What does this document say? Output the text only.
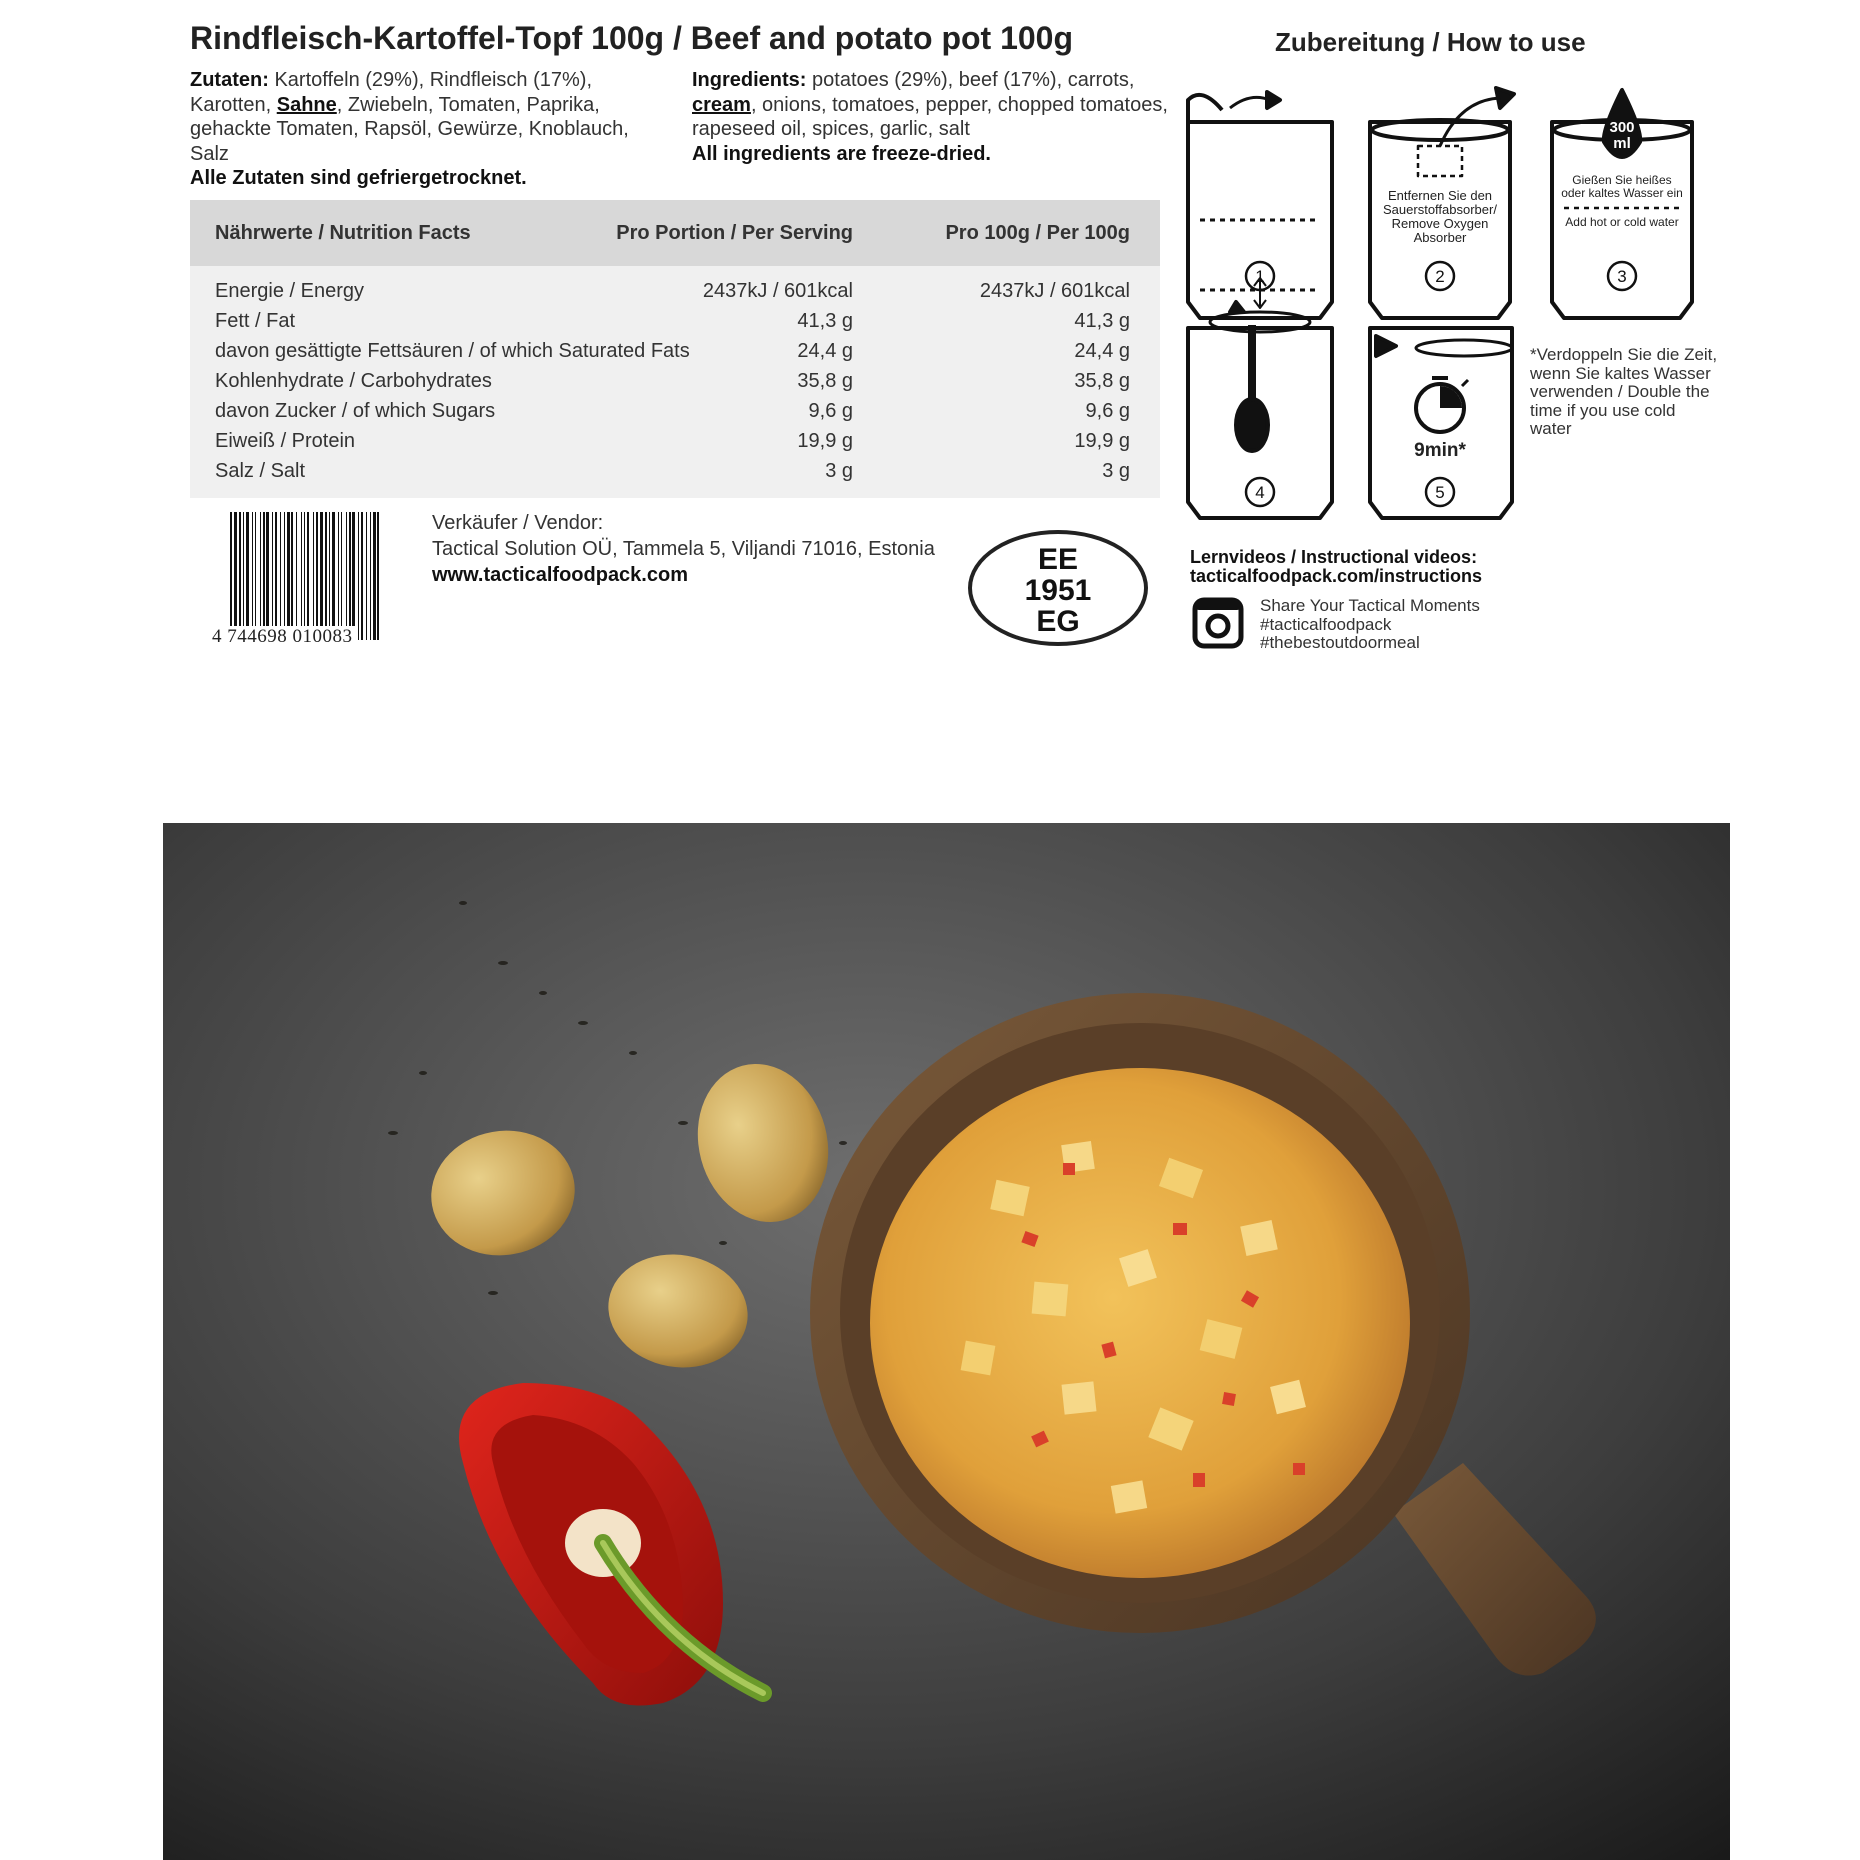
Rindfleisch-Kartoffel-Topf 100g / Beef and potato pot 100g	Zubereitung / How to use
Zutaten: Kartoffeln (29%), Rindfleisch (17%), Karotten, Sahne, Zwiebeln, Tomaten, Paprika, gehackte Tomaten, Rapsöl, Gewürze, Knoblauch, Salz
Alle Zutaten sind gefriergetrocknet.
Ingredients: potatoes (29%), beef (17%), carrots, cream, onions, tomatoes, pepper, chopped tomatoes, rapeseed oil, spices, garlic, salt
All ingredients are freeze-dried.
Nährwerte / Nutrition Facts	Pro Portion / Per Serving	Pro 100g / Per 100g
Energie / Energy	2437kJ / 601kcal	2437kJ / 601kcal
Fett / Fat	41,3 g	41,3 g
davon gesättigte Fettsäuren / of which Saturated Fats	24,4 g	24,4 g
Kohlenhydrate / Carbohydrates	35,8 g	35,8 g
davon Zucker / of which Sugars	9,6 g	9,6 g
Eiweiß / Protein	19,9 g	19,9 g
Salz / Salt	3 g	3 g
4 744698 010083
Verkäufer / Vendor:
Tactical Solution OÜ, Tammela 5, Viljandi 71016, Estonia
www.tacticalfoodpack.com	EE
1951
EG
Entfernen Sie den
Sauerstoffabsorber/
Remove Oxygen
Absorber
300
ml
Gießen Sie heißes
oder kaltes Wasser ein
Add hot or cold water
9min*
1	2	3
4	5
*Verdoppeln Sie die Zeit, wenn Sie kaltes Wasser verwenden / Double the time if you use cold water
Lernvideos / Instructional videos:
tacticalfoodpack.com/instructions
Share Your Tactical Moments
#tacticalfoodpack
#thebestoutdoormeal
